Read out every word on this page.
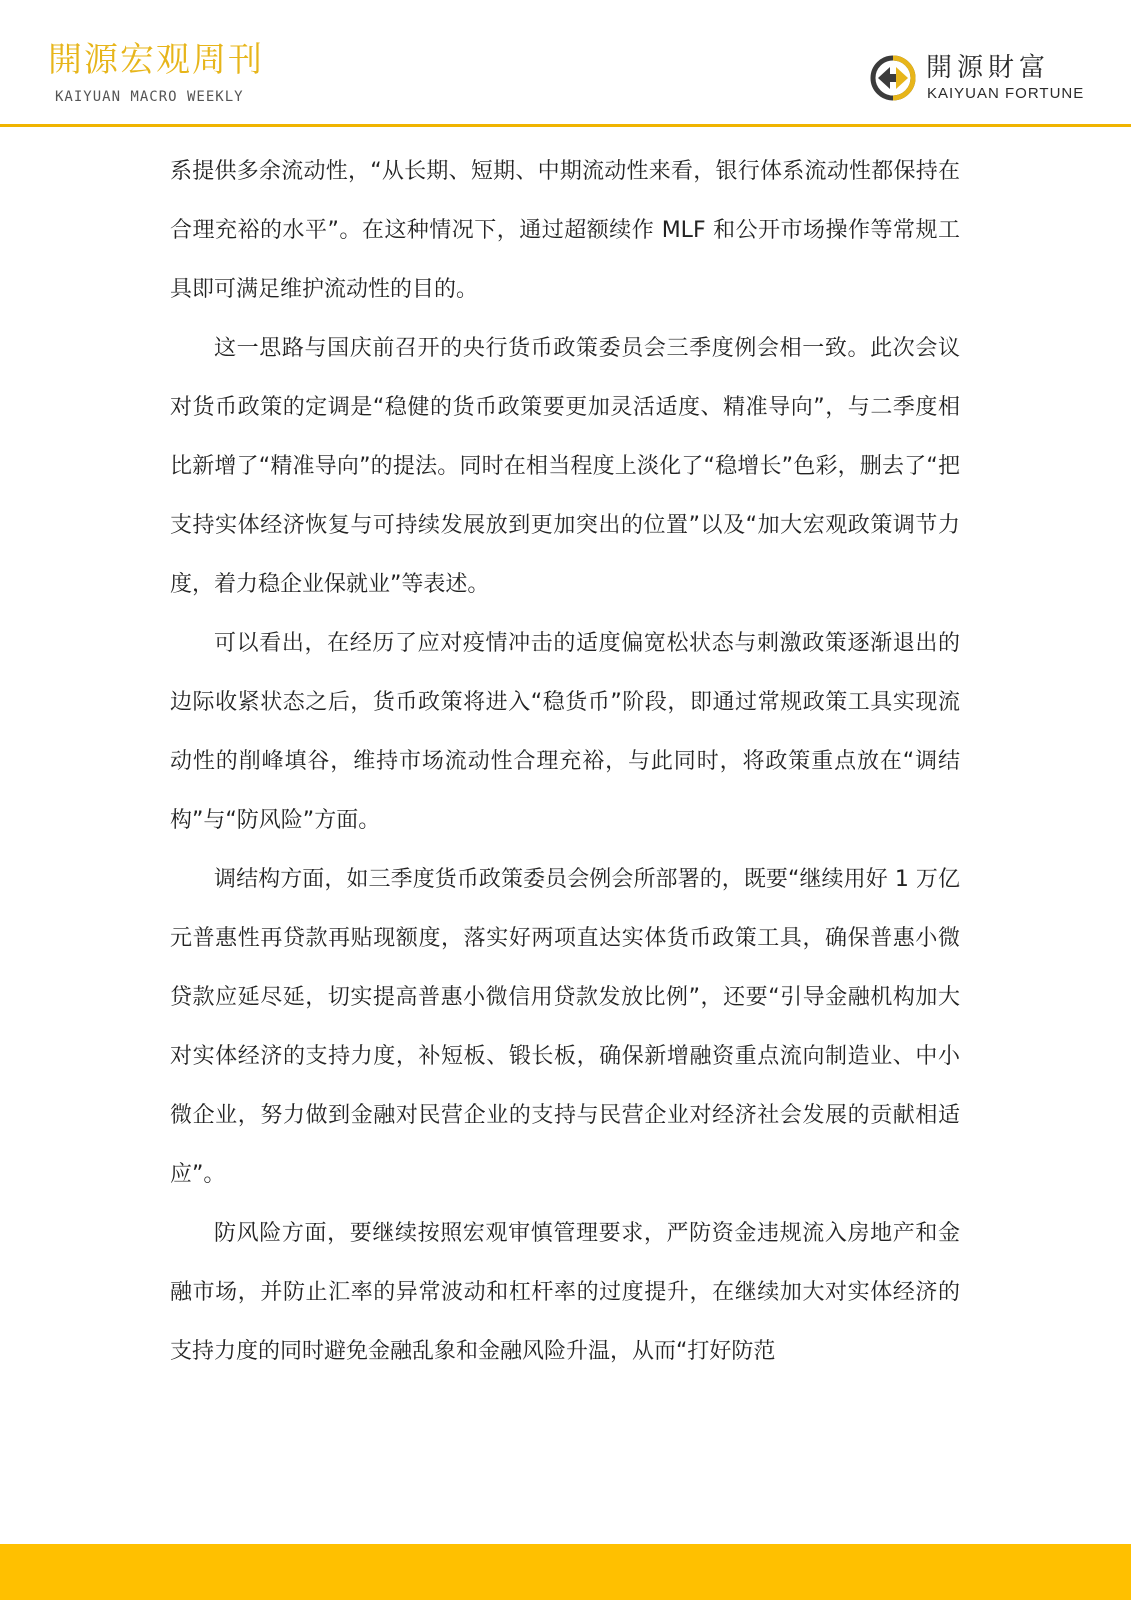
開源宏观周刊
KAIYUAN MACRO WEEKLY
開源財富
KAIYUAN FORTUNE

系提供多余流动性，“从长期、短期、中期流动性来看，银行体系流动性都保持在合理充裕的水平”。在这种情况下，通过超额续作 MLF 和公开市场操作等常规工具即可满足维护流动性的目的。

这一思路与国庆前召开的央行货币政策委员会三季度例会相一致。此次会议对货币政策的定调是“稳健的货币政策要更加灵活适度、精准导向”，与二季度相比新增了“精准导向”的提法。同时在相当程度上淡化了“稳增长”色彩，删去了“把支持实体经济恢复与可持续发展放到更加突出的位置”以及“加大宏观政策调节力度，着力稳企业保就业”等表述。

可以看出，在经历了应对疫情冲击的适度偏宽松状态与刺激政策逐渐退出的边际收紧状态之后，货币政策将进入“稳货币”阶段，即通过常规政策工具实现流动性的削峰填谷，维持市场流动性合理充裕，与此同时，将政策重点放在“调结构”与“防风险”方面。

调结构方面，如三季度货币政策委员会例会所部署的，既要“继续用好 1 万亿元普惠性再贷款再贴现额度，落实好两项直达实体货币政策工具，确保普惠小微贷款应延尽延，切实提高普惠小微信用贷款发放比例”，还要“引导金融机构加大对实体经济的支持力度，补短板、锻长板，确保新增融资重点流向制造业、中小微企业，努力做到金融对民营企业的支持与民营企业对经济社会发展的贡献相适应”。

防风险方面，要继续按照宏观审慎管理要求，严防资金违规流入房地产和金融市场，并防止汇率的异常波动和杠杆率的过度提升，在继续加大对实体经济的支持力度的同时避免金融乱象和金融风险升温，从而“打好防范
